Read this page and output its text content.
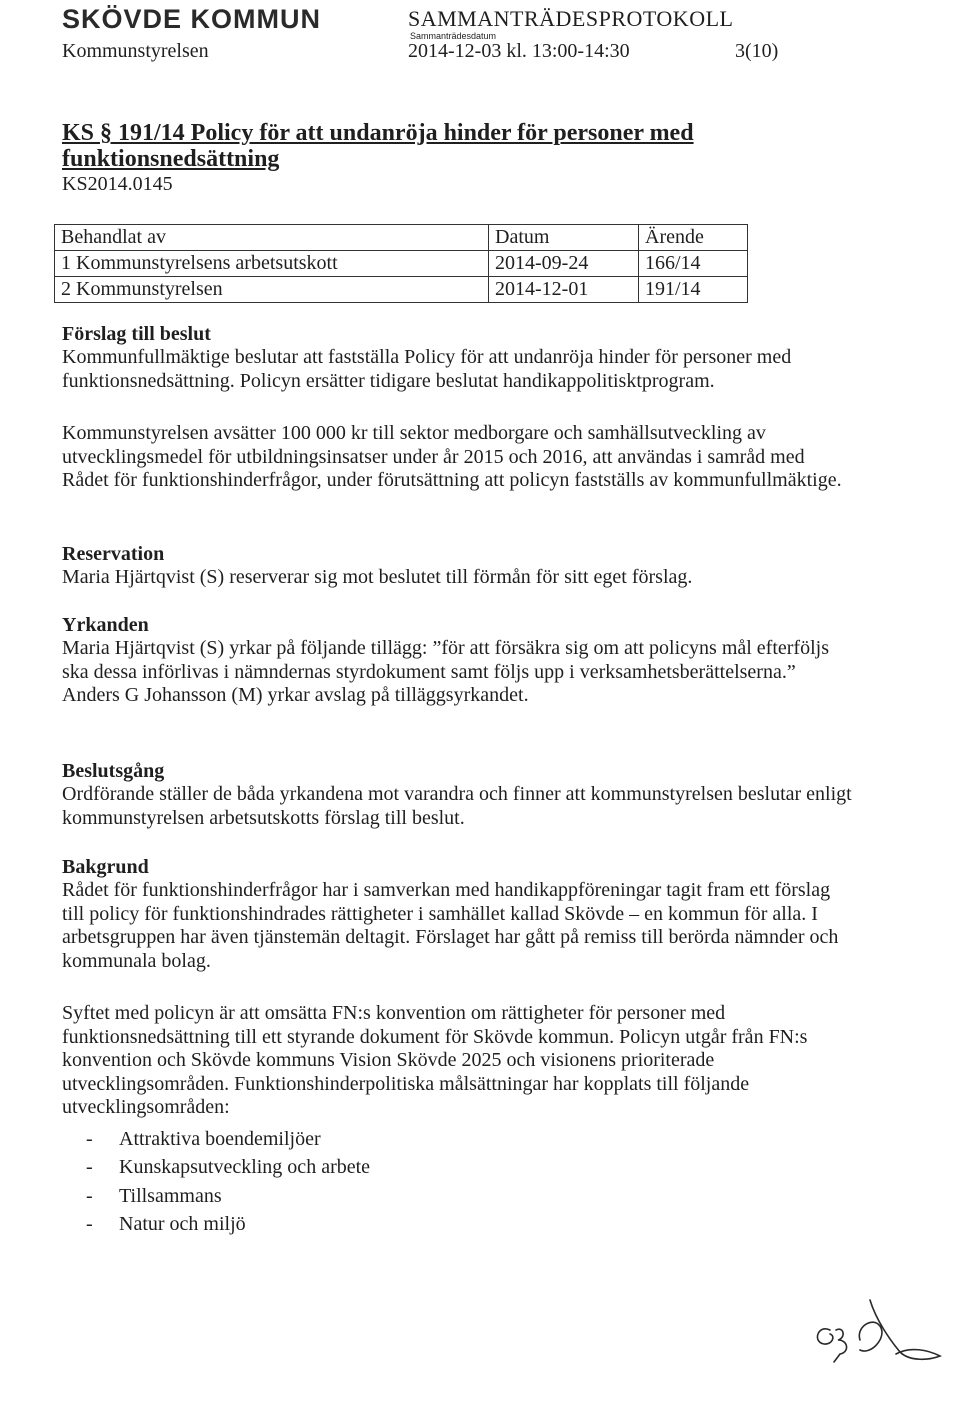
SKÖVDE KOMMUN	SAMMANTRÄDESPROTOKOLL
Sammanträdesdatum
Kommunstyrelsen	2014-12-03 kl. 13:00-14:30	3(10)
KS § 191/14 Policy för att undanröja hinder för personer med funktionsnedsättning
KS2014.0145
Behandlat av	Datum	Ärende
1 Kommunstyrelsens arbetsutskott	2014-09-24	166/14
2 Kommunstyrelsen	2014-12-01	191/14

Förslag till beslut

Kommunfullmäktige beslutar att fastställa Policy för att undanröja hinder för personer med funktionsnedsättning. Policyn ersätter tidigare beslutat handikappolitisktprogram.

Kommunstyrelsen avsätter 100 000 kr till sektor medborgare och samhällsutveckling av utvecklingsmedel för utbildningsinsatser under år 2015 och 2016, att användas i samråd med Rådet för funktionshinderfrågor, under förutsättning att policyn fastställs av kommunfullmäktige.

Reservation

Maria Hjärtqvist (S) reserverar sig mot beslutet till förmån för sitt eget förslag.

Yrkanden

Maria Hjärtqvist (S) yrkar på följande tillägg: ”för att försäkra sig om att policyns mål efterföljs ska dessa införlivas i nämndernas styrdokument samt följs upp i verksamhetsberättelserna.”

Anders G Johansson (M) yrkar avslag på tilläggsyrkandet.

Beslutsgång

Ordförande ställer de båda yrkandena mot varandra och finner att kommunstyrelsen beslutar enligt kommunstyrelsen arbetsutskotts förslag till beslut.

Bakgrund

Rådet för funktionshinderfrågor har i samverkan med handikappföreningar tagit fram ett förslag till policy för funktionshindrades rättigheter i samhället kallad Skövde – en kommun för alla. I arbetsgruppen har även tjänstemän deltagit. Förslaget har gått på remiss till berörda nämnder och kommunala bolag.

Syftet med policyn är att omsätta FN:s konvention om rättigheter för personer med funktionsnedsättning till ett styrande dokument för Skövde kommun. Policyn utgår från FN:s konvention och Skövde kommuns Vision Skövde 2025 och visionens prioriterade utvecklingsområden. Funktionshinderpolitiska målsättningar har kopplats till följande utvecklingsområden:

- Attraktiva boendemiljöer
- Kunskapsutveckling och arbete
- Tillsammans
- Natur och miljö
